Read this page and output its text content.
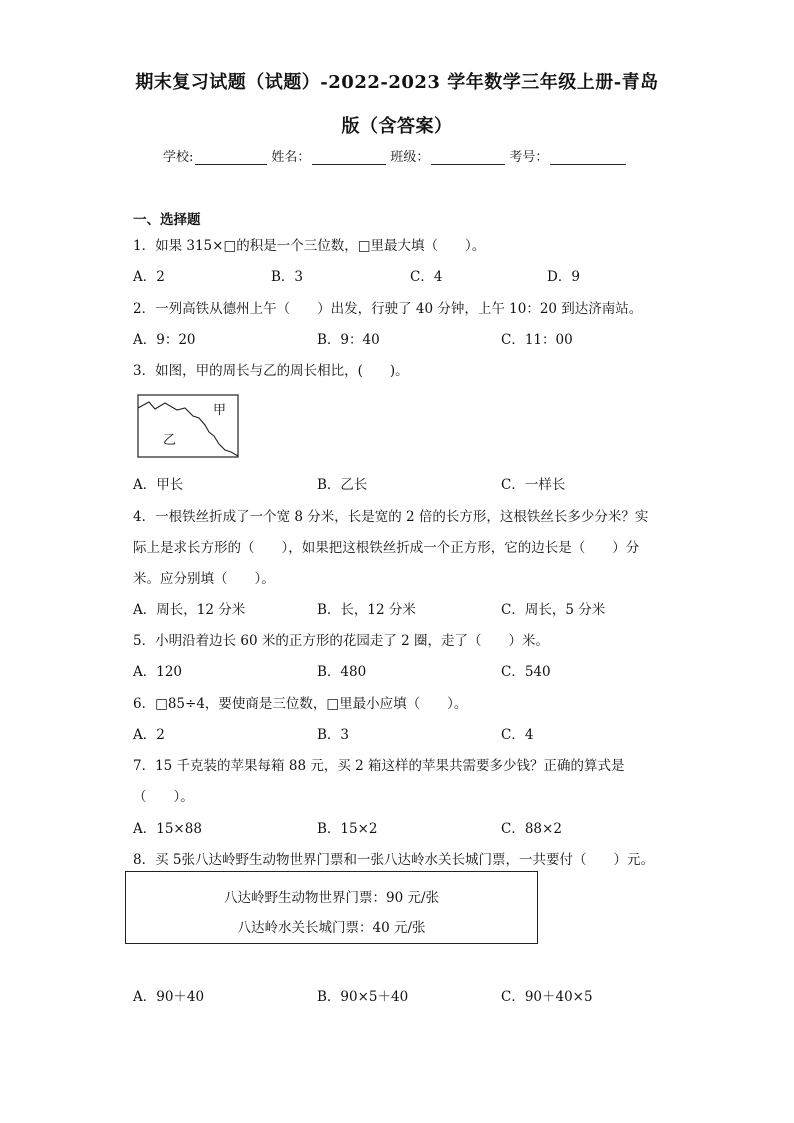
期末复习试题（试题）-2022-2023 学年数学三年级上册-青岛
版（含答案）
学校:	姓名：	班级：	考号：
一、选择题
1．如果 315×□的积是一个三位数，□里最大填（　　）。
A．2	B．3	C．4	D．9
2．一列高铁从德州上午（　　）出发，行驶了 40 分钟，上午 10：20 到达济南站。
A．9：20	B．9：40	C．11：00
3．如图，甲的周长与乙的周长相比，(　　)。
甲
乙
A．甲长	B．乙长	C．一样长
4．一根铁丝折成了一个宽 8 分米，长是宽的 2 倍的长方形，这根铁丝长多少分米？实
际上是求长方形的（　　），如果把这根铁丝折成一个正方形，它的边长是（　　）分
米。应分别填（　　）。
A．周长，12 分米	B．长，12 分米	C．周长，5 分米
5．小明沿着边长 60 米的正方形的花园走了 2 圈，走了（　　）米。
A．120	B．480	C．540
6．□85÷4，要使商是三位数，□里最小应填（　　）。
A．2	B．3	C．4
7．15 千克装的苹果每箱 88 元，买 2 箱这样的苹果共需要多少钱？正确的算式是
（　　）。
A．15×88	B．15×2	C．88×2
8．买 5张八达岭野生动物世界门票和一张八达岭水关长城门票，一共要付（　　）元。
八达岭野生动物世界门票：90 元/张
八达岭水关长城门票：40 元/张
A．90＋40	B．90×5＋40	C．90＋40×5
